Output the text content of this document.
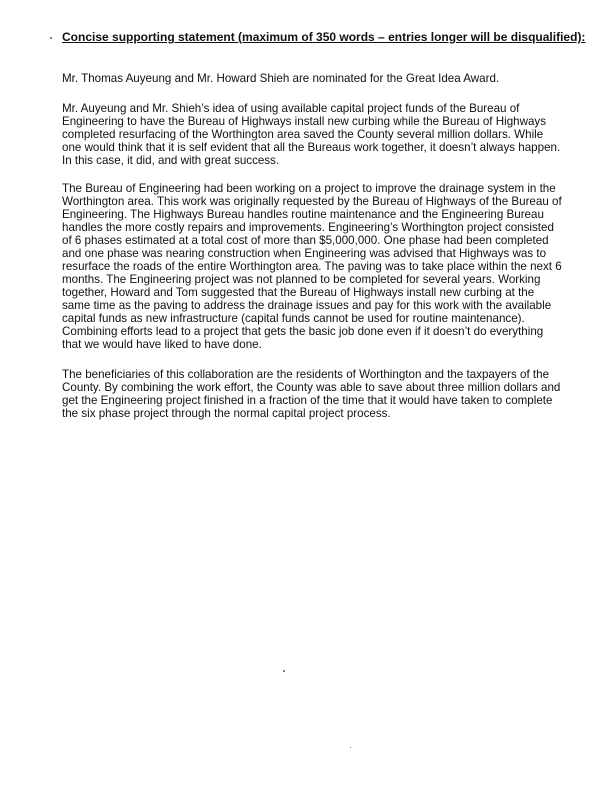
Concise supporting statement (maximum of 350 words – entries longer will be disqualified):

Mr. Thomas Auyeung and Mr. Howard Shieh are nominated for the Great Idea Award.

Mr. Auyeung and Mr. Shieh’s idea of using available capital project funds of the Bureau of
Engineering to have the Bureau of Highways install new curbing while the Bureau of Highways
completed resurfacing of the Worthington area saved the County several million dollars. While
one would think that it is self evident that all the Bureaus work together, it doesn’t always happen.
In this case, it did, and with great success.

The Bureau of Engineering had been working on a project to improve the drainage system in the
Worthington area. This work was originally requested by the Bureau of Highways of the Bureau of
Engineering. The Highways Bureau handles routine maintenance and the Engineering Bureau
handles the more costly repairs and improvements. Engineering’s Worthington project consisted
of 6 phases estimated at a total cost of more than $5,000,000. One phase had been completed
and one phase was nearing construction when Engineering was advised that Highways was to
resurface the roads of the entire Worthington area. The paving was to take place within the next 6
months. The Engineering project was not planned to be completed for several years. Working
together, Howard and Tom suggested that the Bureau of Highways install new curbing at the
same time as the paving to address the drainage issues and pay for this work with the available
capital funds as new infrastructure (capital funds cannot be used for routine maintenance).
Combining efforts lead to a project that gets the basic job done even if it doesn’t do everything
that we would have liked to have done.

The beneficiaries of this collaboration are the residents of Worthington and the taxpayers of the
County. By combining the work effort, the County was able to save about three million dollars and
get the Engineering project finished in a fraction of the time that it would have taken to complete
the six phase project through the normal capital project process.
